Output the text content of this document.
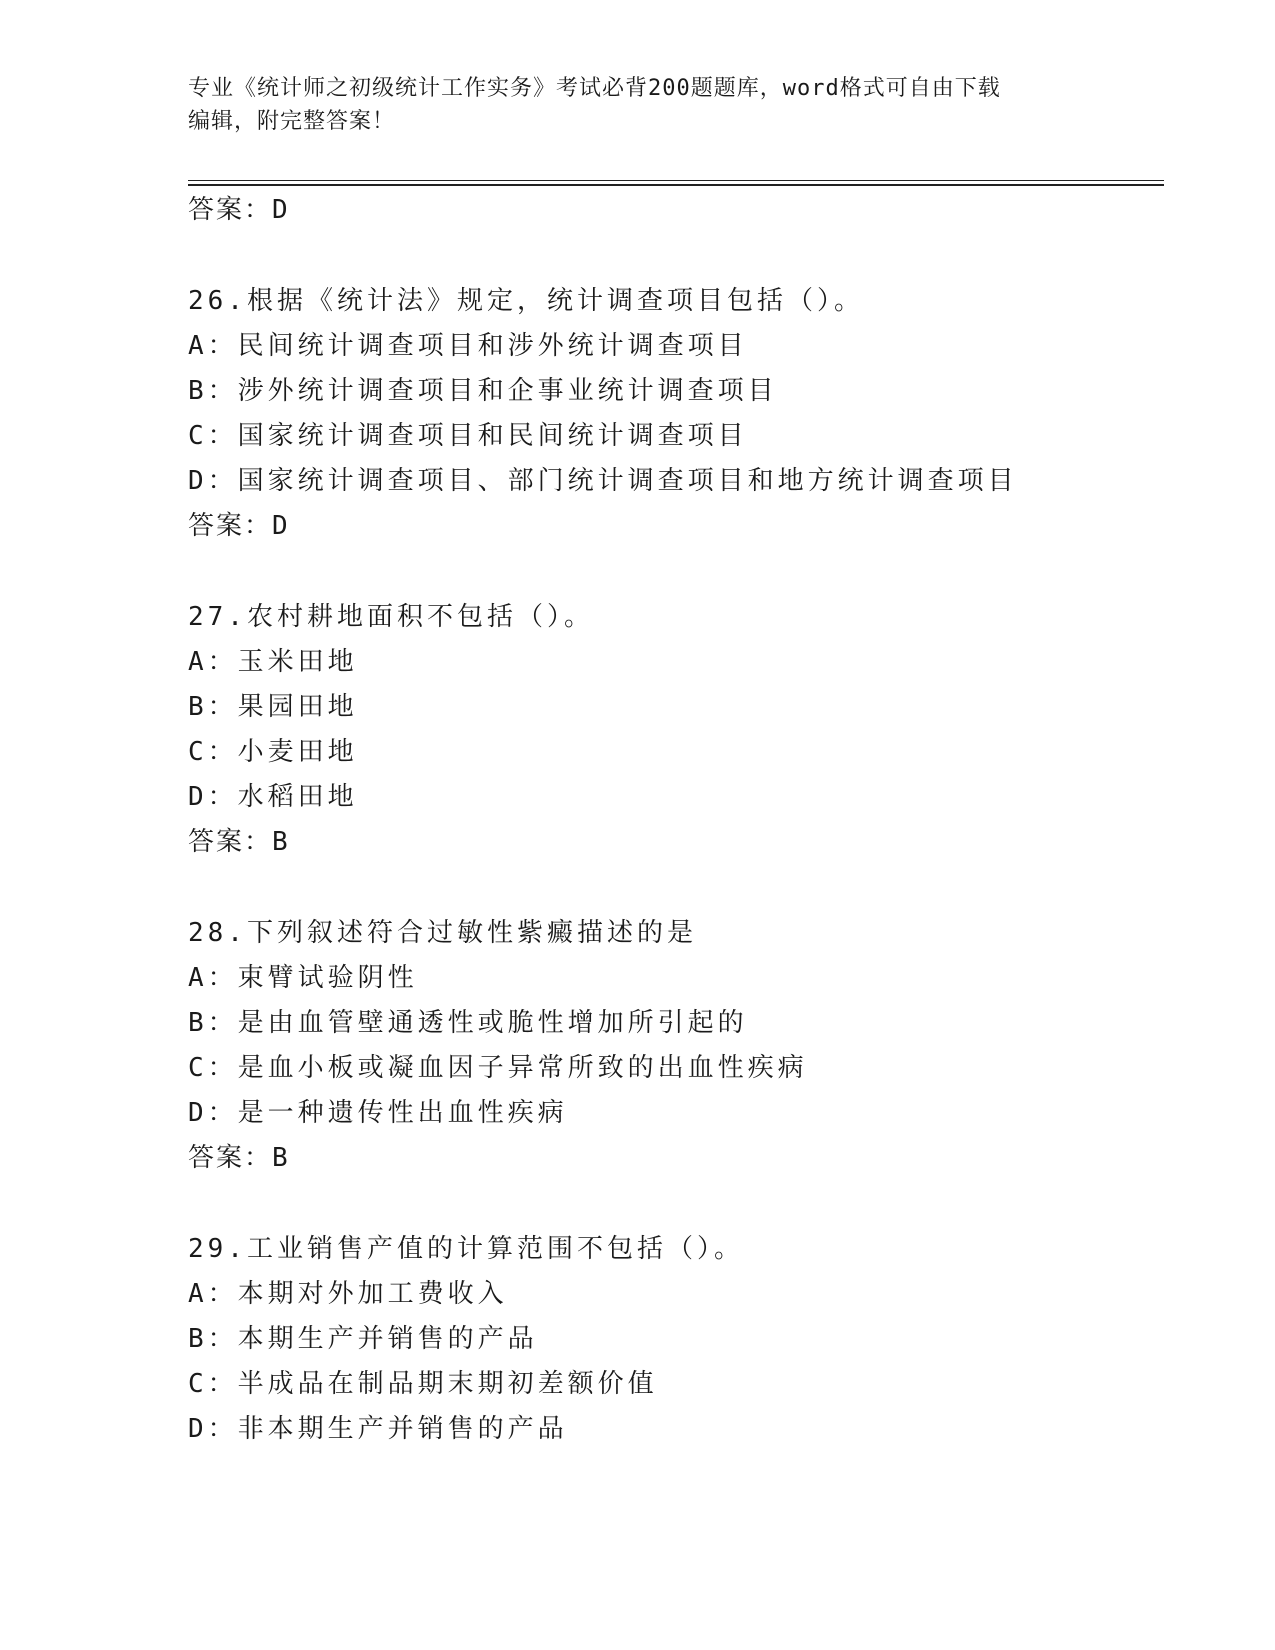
专业《统计师之初级统计工作实务》考试必背200题题库，word格式可自由下载
编辑，附完整答案！
答案：D
26.根据《统计法》规定，统计调查项目包括（）。
A：民间统计调查项目和涉外统计调查项目
B：涉外统计调查项目和企事业统计调查项目
C：国家统计调查项目和民间统计调查项目
D：国家统计调查项目、部门统计调查项目和地方统计调查项目
答案：D
27.农村耕地面积不包括（）。
A：玉米田地
B：果园田地
C：小麦田地
D：水稻田地
答案：B
28.下列叙述符合过敏性紫癜描述的是
A：束臂试验阴性
B：是由血管壁通透性或脆性增加所引起的
C：是血小板或凝血因子异常所致的出血性疾病
D：是一种遗传性出血性疾病
答案：B
29.工业销售产值的计算范围不包括（）。
A：本期对外加工费收入
B：本期生产并销售的产品
C：半成品在制品期末期初差额价值
D：非本期生产并销售的产品
